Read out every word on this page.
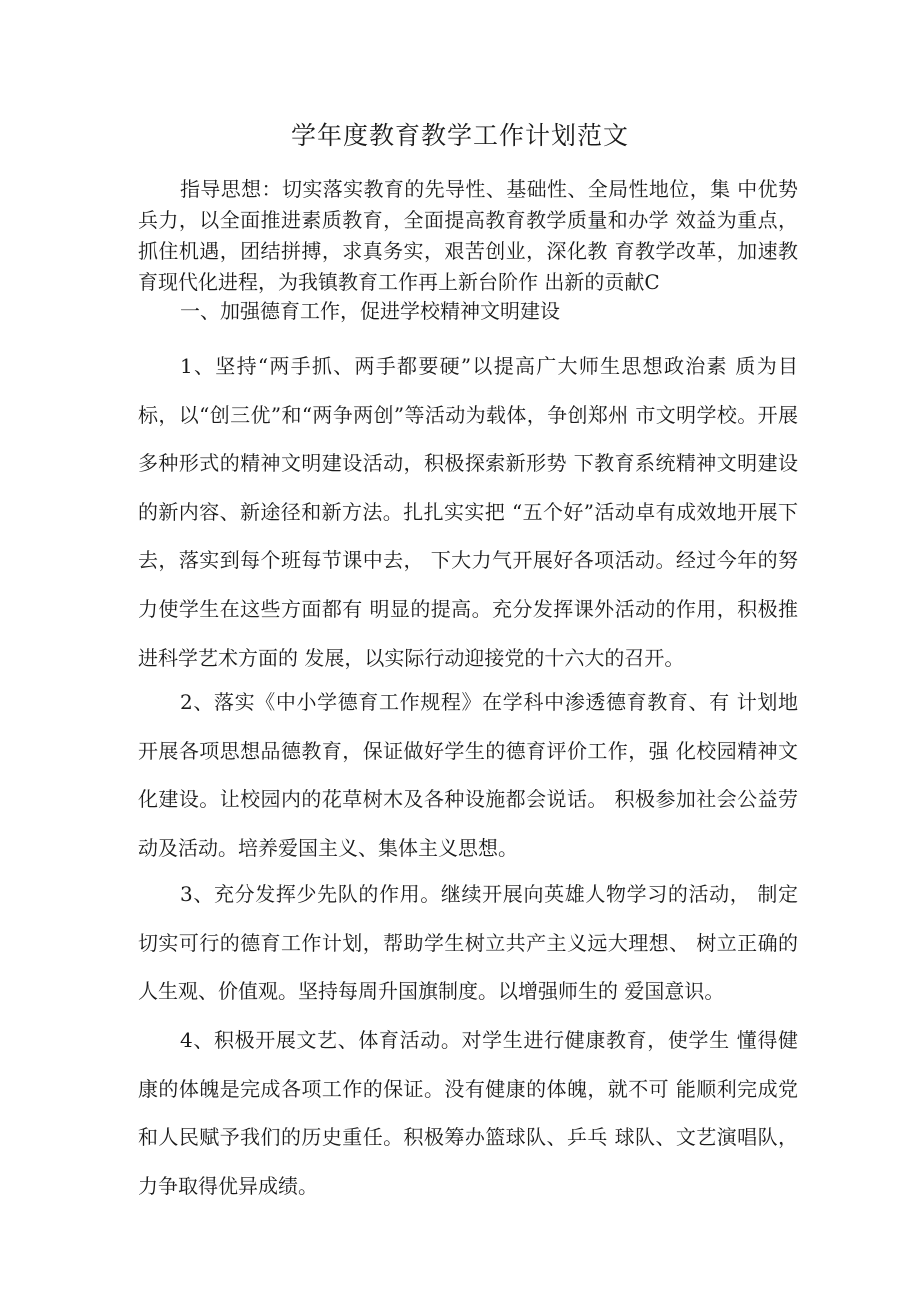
学年度教育教学工作计划范文

指导思想：切实落实教育的先导性、基础性、全局性地位，集 中优势兵力，以全面推进素质教育，全面提高教育教学质量和办学 效益为重点，抓住机遇，团结拼搏，求真务实，艰苦创业，深化教 育教学改革，加速教育现代化进程，为我镇教育工作再上新台阶作 出新的贡献C

一、加强德育工作，促进学校精神文明建设

1、坚持“两手抓、两手都要硬”以提高广大师生思想政治素 质为目标，以“创三优”和“两争两创”等活动为载体，争创郑州 市文明学校。开展多种形式的精神文明建设活动，积极探索新形势 下教育系统精神文明建设的新内容、新途径和新方法。扎扎实实把 “五个好”活动卓有成效地开展下去，落实到每个班每节课中去， 下大力气开展好各项活动。经过今年的努力使学生在这些方面都有 明显的提高。充分发挥课外活动的作用，积极推进科学艺术方面的 发展，以实际行动迎接党的十六大的召开。

2、落实《中小学德育工作规程》在学科中渗透德育教育、有 计划地开展各项思想品德教育，保证做好学生的德育评价工作，强 化校园精神文化建设。让校园内的花草树木及各种设施都会说话。 积极参加社会公益劳动及活动。培养爱国主义、集体主义思想。

3、充分发挥少先队的作用。继续开展向英雄人物学习的活动， 制定切实可行的德育工作计划，帮助学生树立共产主义远大理想、 树立正确的人生观、价值观。坚持每周升国旗制度。以增强师生的 爱国意识。

4、积极开展文艺、体育活动。对学生进行健康教育，使学生 懂得健康的体魄是完成各项工作的保证。没有健康的体魄，就不可 能顺利完成党和人民赋予我们的历史重任。积极筹办篮球队、乒乓 球队、文艺演唱队，力争取得优异成绩。
